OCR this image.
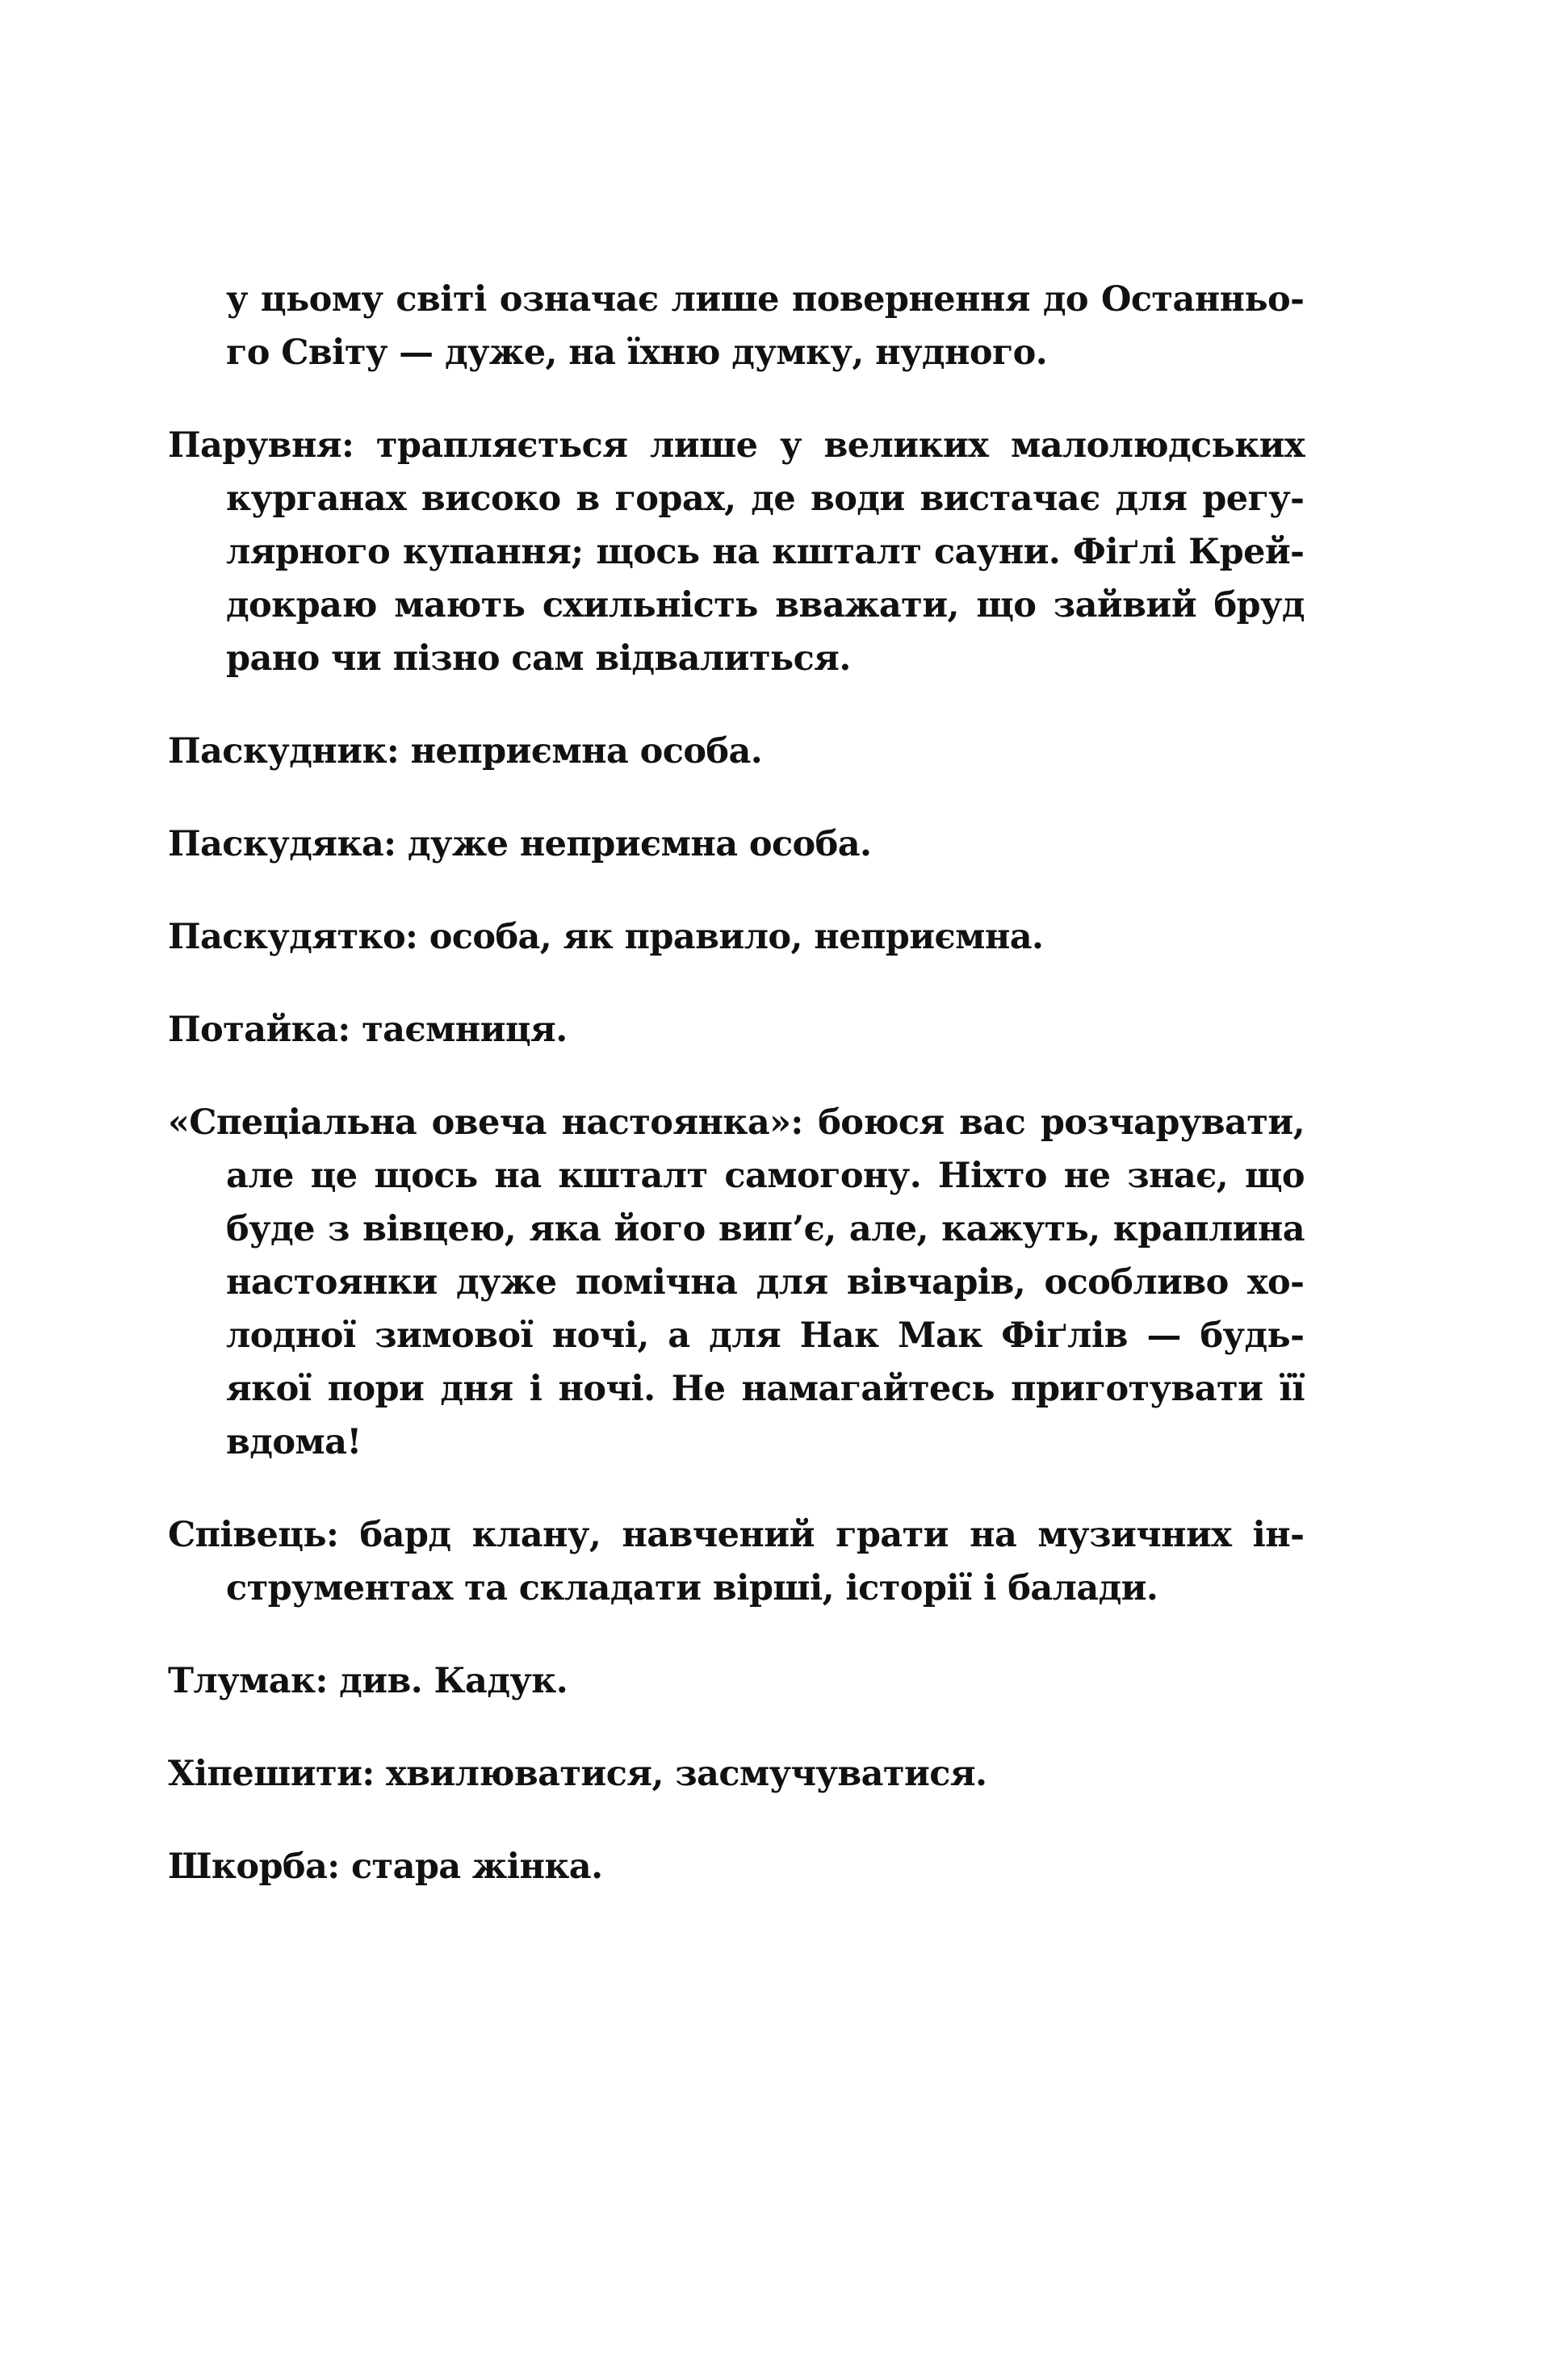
у цьому світі означає лише повернення до Останнього Світу — дуже, на їхню думку, нудного.

Парувня: трапляється лише у великих малолюдських курганах високо в горах, де води вистачає для регулярного купання; щось на кшталт сауни. Фіґлі Крейдокраю мають схильність вважати, що зайвий бруд рано чи пізно сам відвалиться.

Паскудник: неприємна особа.

Паскудяка: дуже неприємна особа.

Паскудятко: особа, як правило, неприємна.

Потайка: таємниця.

«Спеціальна овеча настоянка»: боюся вас розчарувати, але це щось на кшталт самогону. Ніхто не знає, що буде з вівцею, яка його вип’є, але, кажуть, краплина настоянки дуже помічна для вівчарів, особливо холодної зимової ночі, а для Нак Мак Фіґлів — будьякої пори дня і ночі. Не намагайтесь приготувати її вдома!

Співець: бард клану, навчений грати на музичних інструментах та складати вірші, історії і балади.

Тлумак: див. Кадук.

Хіпешити: хвилюватися, засмучуватися.

Шкорба: стара жінка.
